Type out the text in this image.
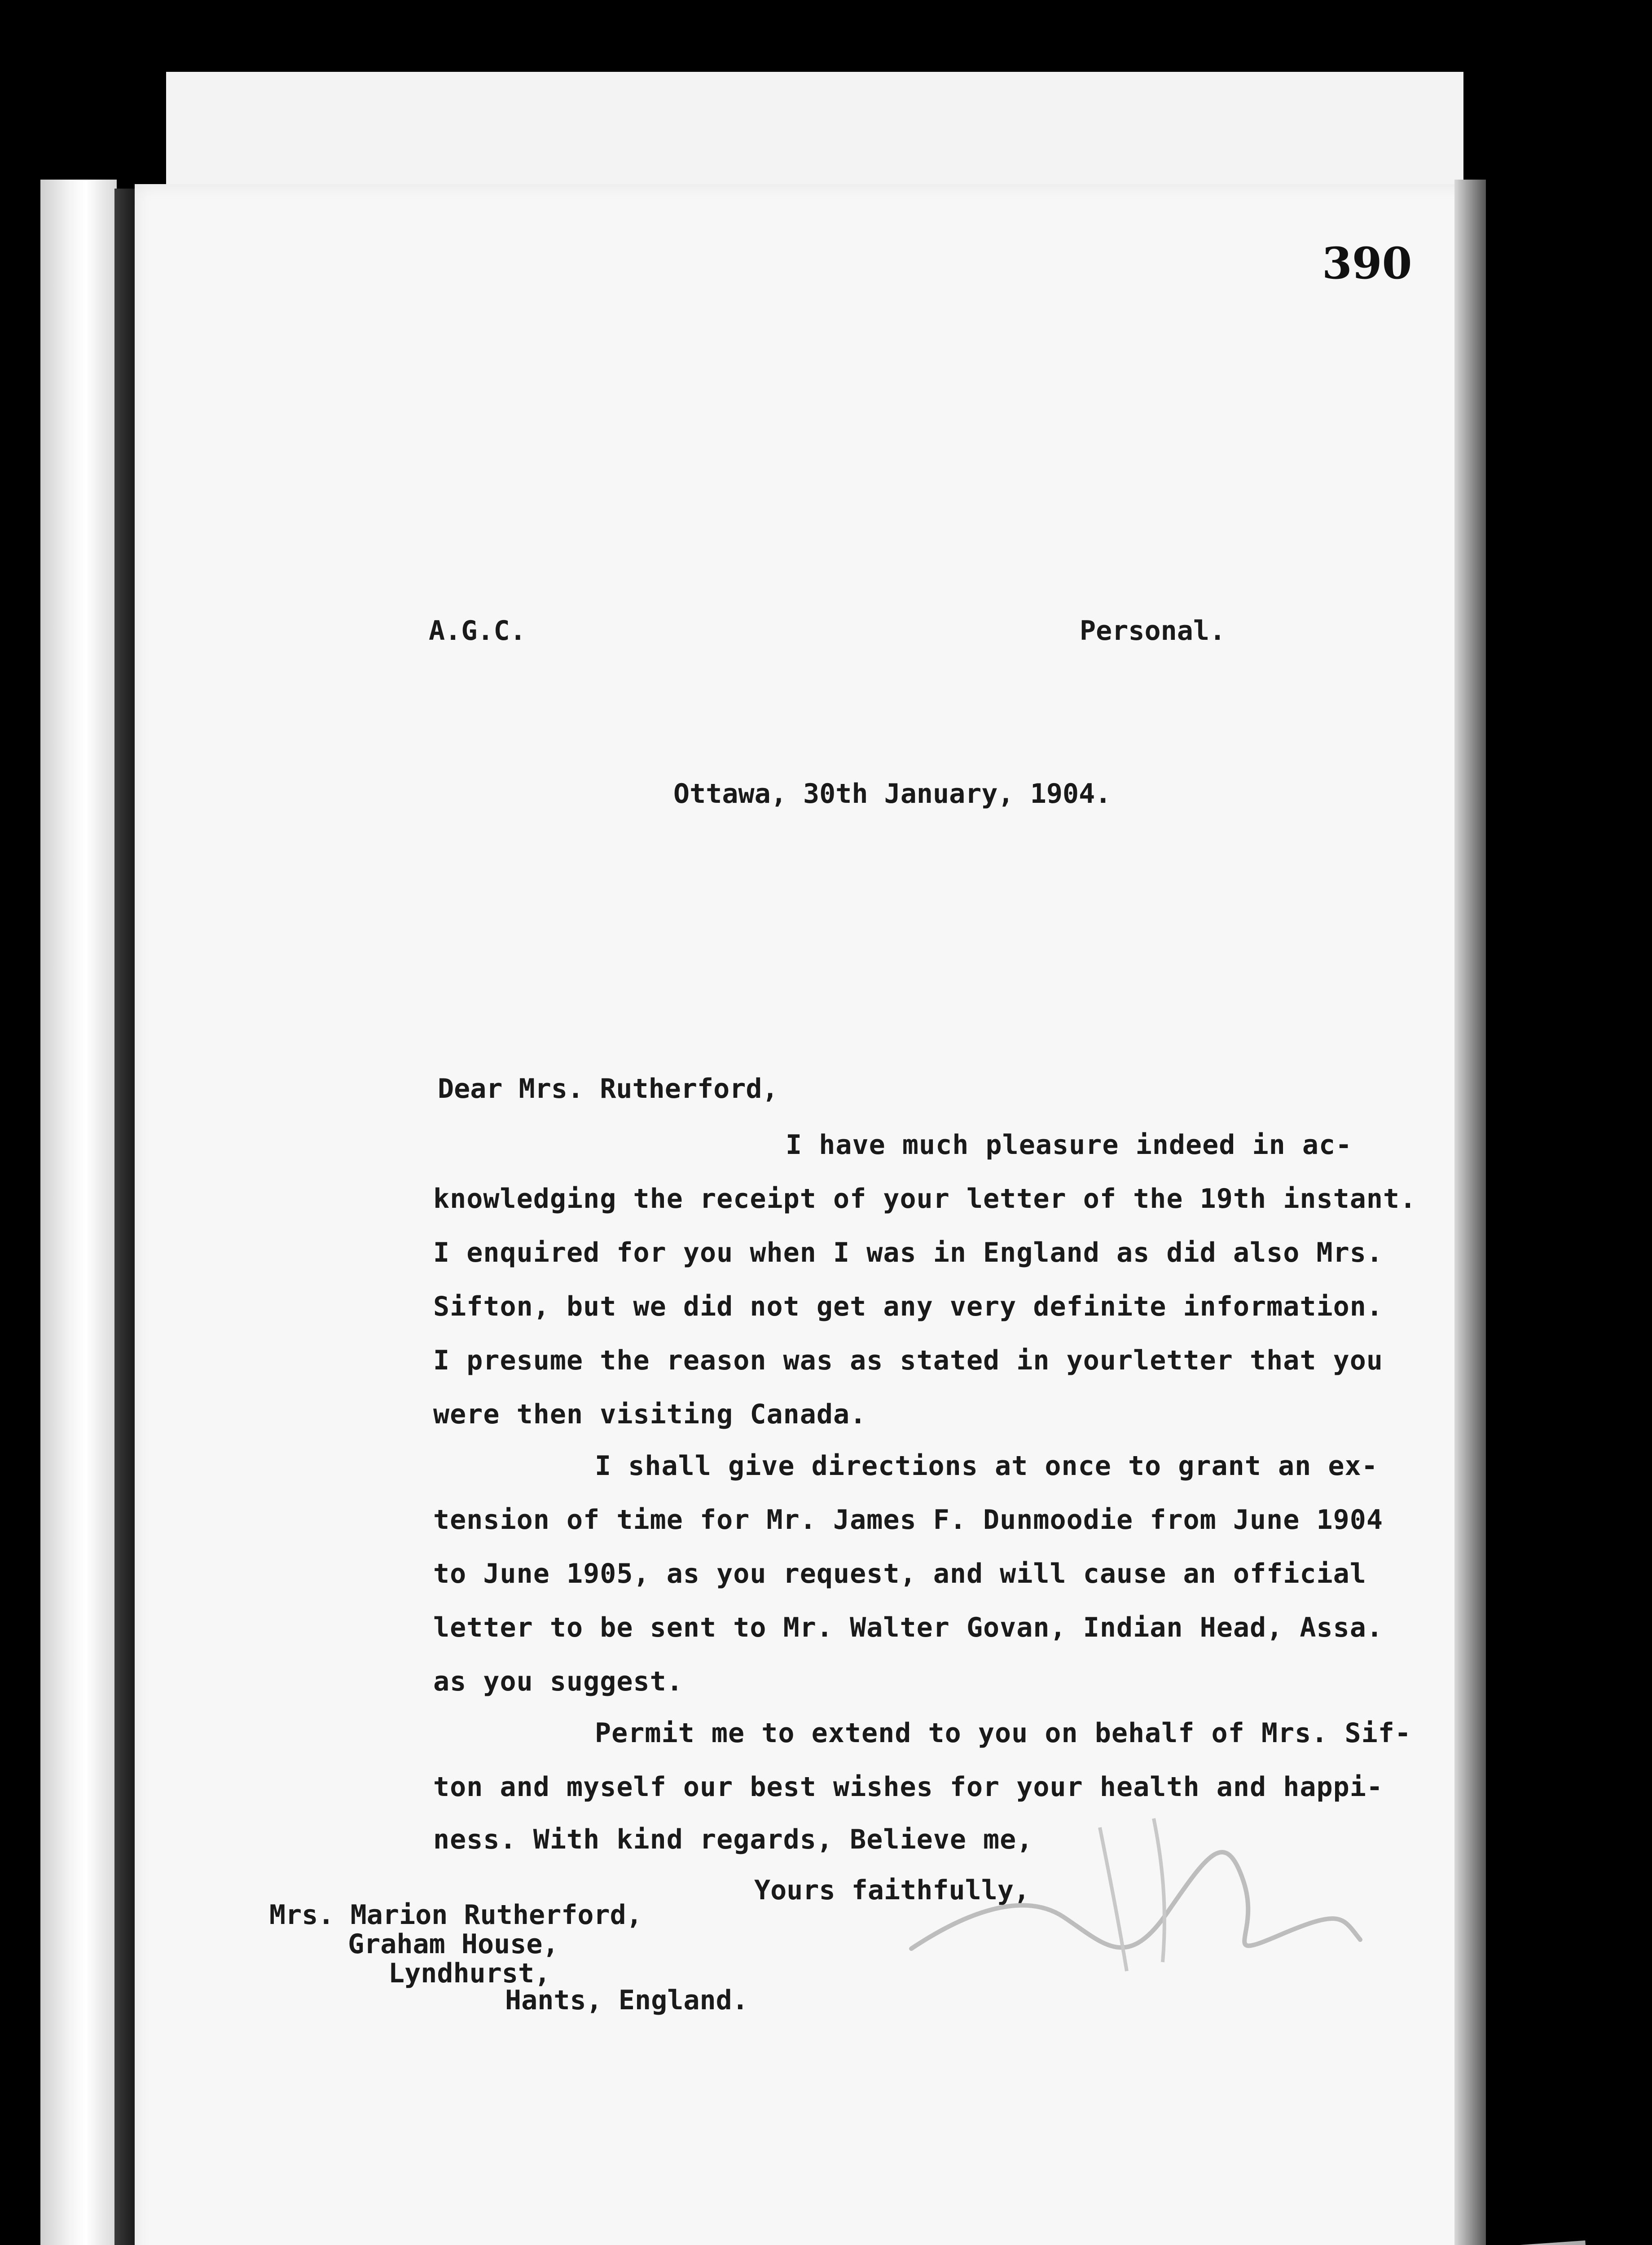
390
A.G.C.	Personal.
Ottawa, 30th January, 1904.
Dear Mrs. Rutherford,
I have much pleasure indeed in ac-
knowledging the receipt of your letter of the 19th instant.
I enquired for you when I was in England as did also Mrs.
Sifton, but we did not get any very definite information.
I presume the reason was as stated in yourletter that you
were then visiting Canada.
I shall give directions at once to grant an ex-
tension of time for Mr. James F. Dunmoodie from June 1904
to June 1905, as you request, and will cause an official
letter to be sent to Mr. Walter Govan, Indian Head, Assa.
as you suggest.
Permit me to extend to you on behalf of Mrs. Sif-
ton and myself our best wishes for your health and happi-
ness. With kind regards, Believe me,
Yours faithfully,
Mrs. Marion Rutherford,
Graham House,
Lyndhurst,
Hants, England.
